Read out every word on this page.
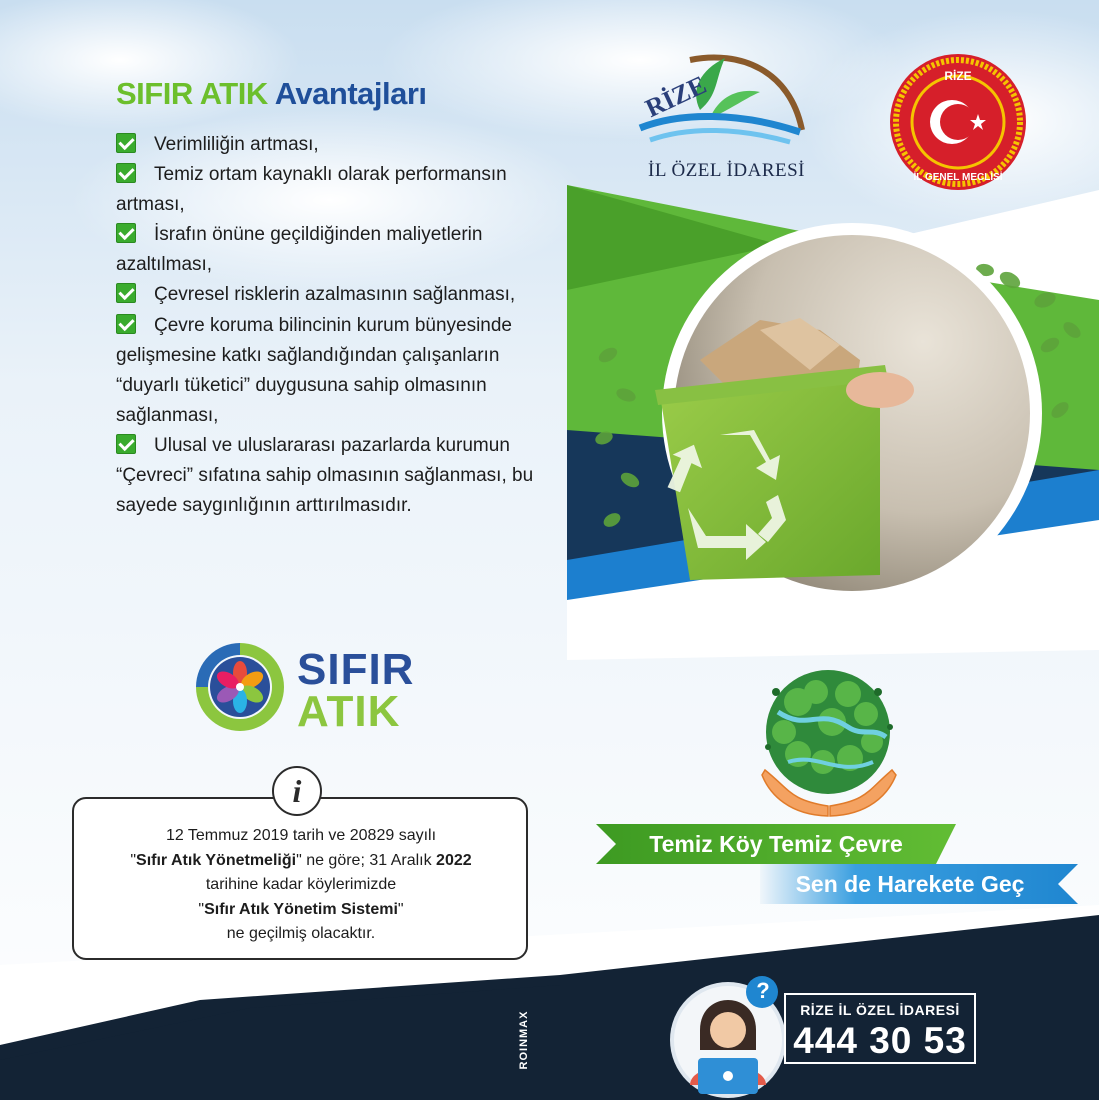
SIFIR ATIK Avantajları

Verimliliğin artması,

Temiz ortam kaynaklı olarak performansın artması,

İsrafın önüne geçildiğinden maliyetlerin azaltılması,

Çevresel risklerin azalmasının sağlanması,

Çevre koruma bilincinin kurum bünyesinde gelişmesine katkı sağlandığından çalışanların “duyarlı tüketici” duygusuna sahip olmasının sağlanması,

Ulusal ve uluslararası pazarlarda kurumun “Çevreci” sıfatına sahip olmasının sağlanması, bu sayede saygınlığının arttırılmasıdır.

SIFIR
ATIK
i
12 Temmuz 2019 tarih ve 20829 sayılı
"Sıfır Atık Yönetmeliği" ne göre; 31 Aralık 2022
tarihine kadar köylerimizde
"Sıfır Atık Yönetim Sistemi"
ne geçilmiş olacaktır.
RİZE
İL ÖZEL İDARESİ
RİZE
İL GENEL MECLİSİ
Temiz Köy Temiz Çevre
Sen de Harekete Geç
?
RİZE İL ÖZEL İDARESİ
444 30 53
ROINMAX
